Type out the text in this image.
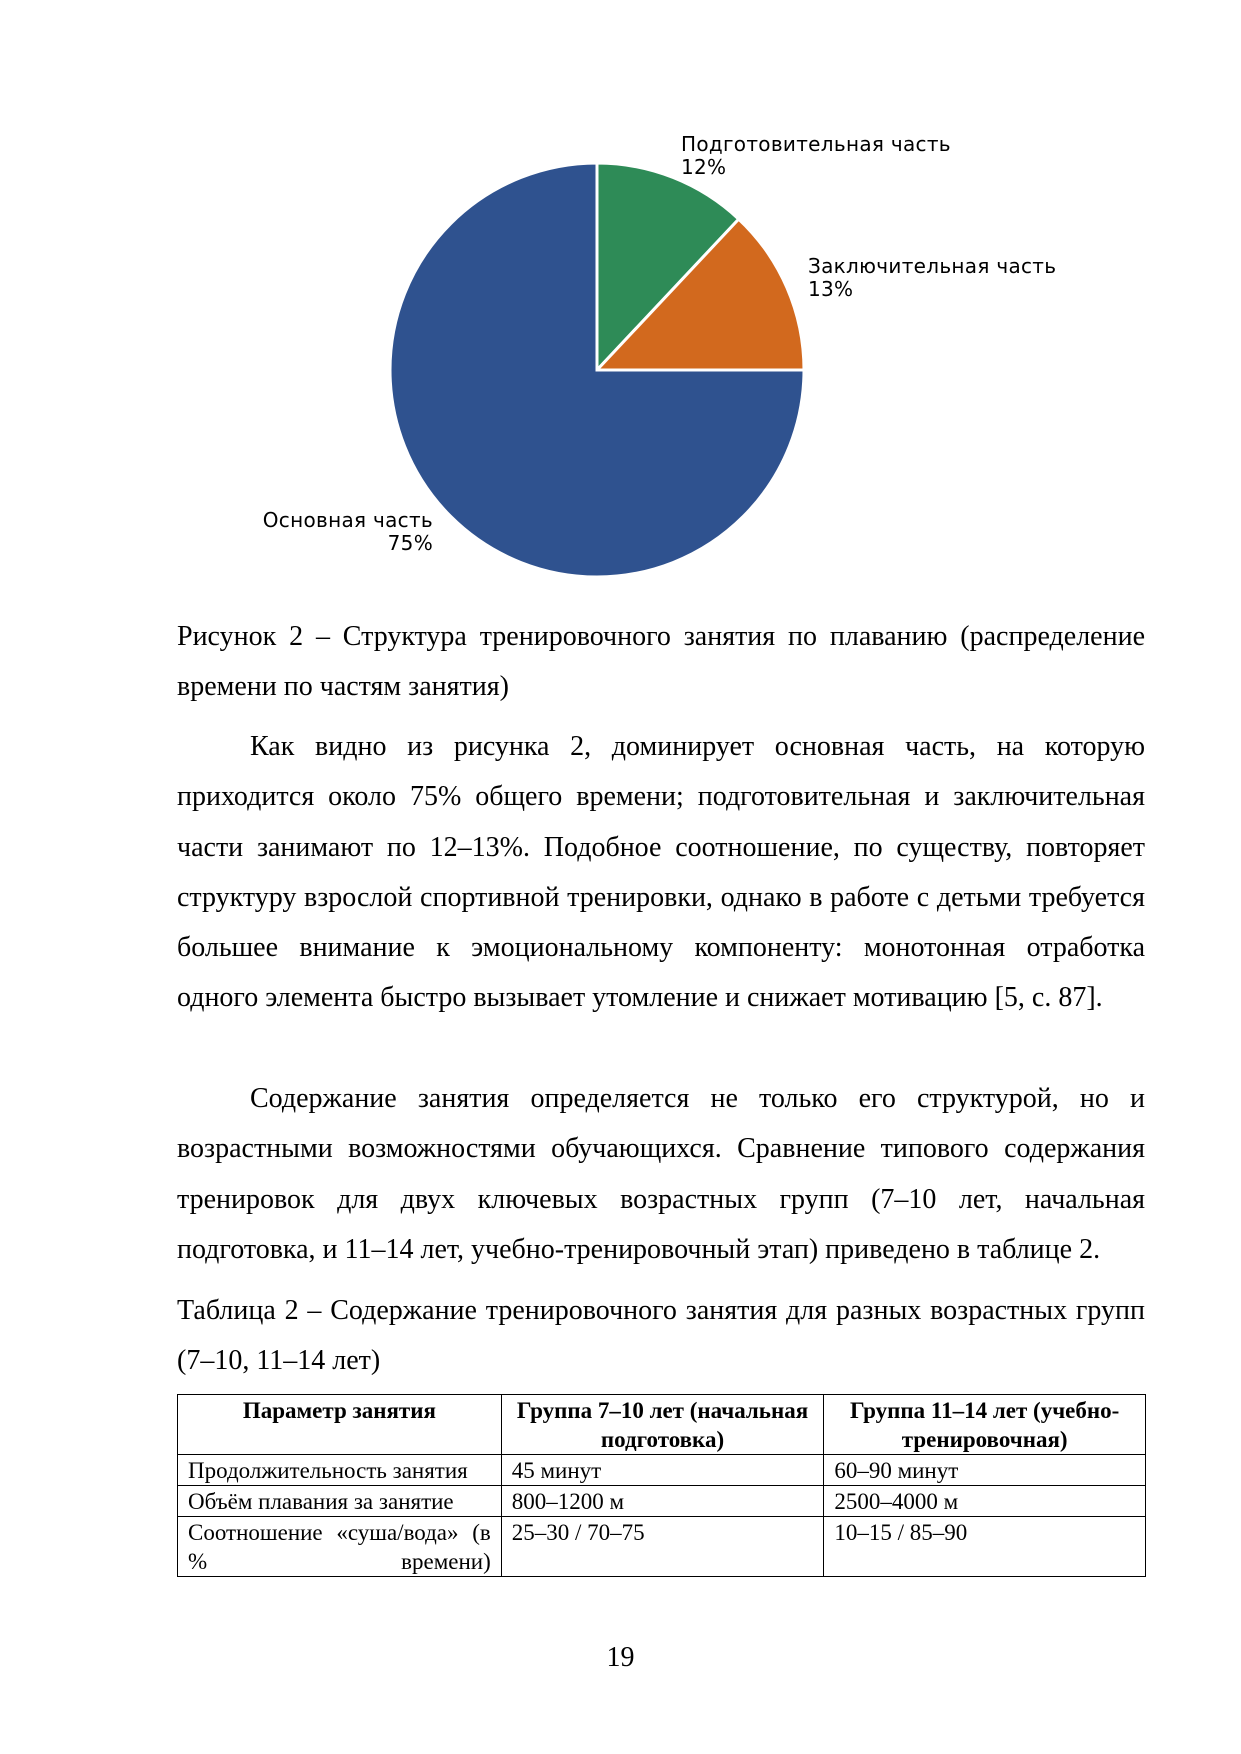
Подготовительная часть 12%
Заключительная часть 13%
Основная часть 75%
Рисунок 2 – Структура тренировочного занятия по плаванию (распределение времени по частям занятия)

Как видно из рисунка 2, доминирует основная часть, на которую приходится около 75% общего времени; подготовительная и заключительная части занимают по 12–13%. Подобное соотношение, по существу, повторяет структуру взрослой спортивной тренировки, однако в работе с детьми требуется большее внимание к эмоциональному компоненту: монотонная отработка одного элемента быстро вызывает утомление и снижает мотивацию [5, с. 87].

Содержание занятия определяется не только его структурой, но и возрастными возможностями обучающихся. Сравнение типового содержания тренировок для двух ключевых возрастных групп (7–10 лет, начальная подготовка, и 11–14 лет, учебно-тренировочный этап) приведено в таблице 2.

Таблица 2 – Содержание тренировочного занятия для разных возрастных групп (7–10, 11–14 лет)
Параметр занятия	Группа 7–10 лет (начальная подготовка)	Группа 11–14 лет (учебно-тренировочная)
Продолжительность занятия	45 минут	60–90 минут
Объём плавания за занятие	800–1200 м	2500–4000 м
Соотношение «суша/вода» (в % времени)	25–30 / 70–75	10–15 / 85–90
19
